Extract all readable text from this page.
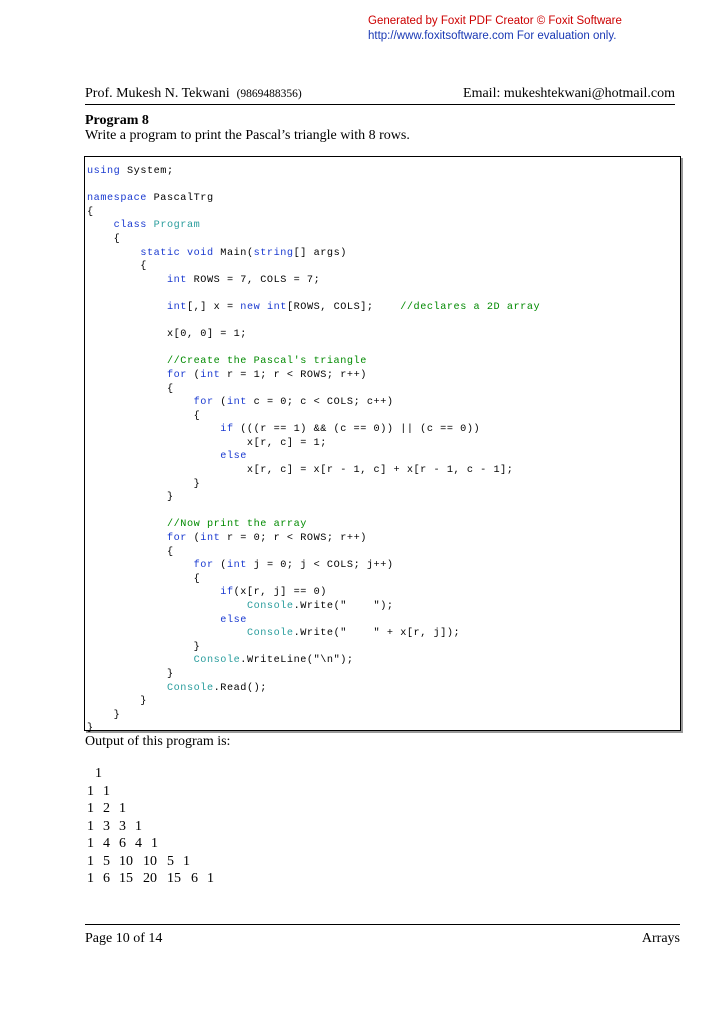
Generated by Foxit PDF Creator © Foxit Software
http://www.foxitsoftware.com For evaluation only.
Prof. Mukesh N. Tekwani (9869488356)	Email: mukeshtekwani@hotmail.com
Program 8
Write a program to print the Pascal’s triangle with 8 rows.
using System;
namespace PascalTrg
{
class Program
{
static void Main(string[] args)
{
int ROWS = 7, COLS = 7;
int[,] x = new int[ROWS, COLS];    //declares a 2D array
x[0, 0] = 1;
//Create the Pascal's triangle
for (int r = 1; r < ROWS; r++)
{
for (int c = 0; c < COLS; c++)
{
if (((r == 1) && (c == 0)) || (c == 0))
x[r, c] = 1;
else
x[r, c] = x[r - 1, c] + x[r - 1, c - 1];
}
}
//Now print the array
for (int r = 0; r < ROWS; r++)
{
for (int j = 0; j < COLS; j++)
{
if(x[r, j] == 0)
Console.Write("    ");
else
Console.Write("    " + x[r, j]);
}
Console.WriteLine("\n");
}
Console.Read();
}
}
}
Output of this program is:
1
1 1
1 2 1
1 3 3 1
1 4 6 4 1
1 5 10 10 5 1
1 6 15 20 15 6 1
Page 10 of 14	Arrays
